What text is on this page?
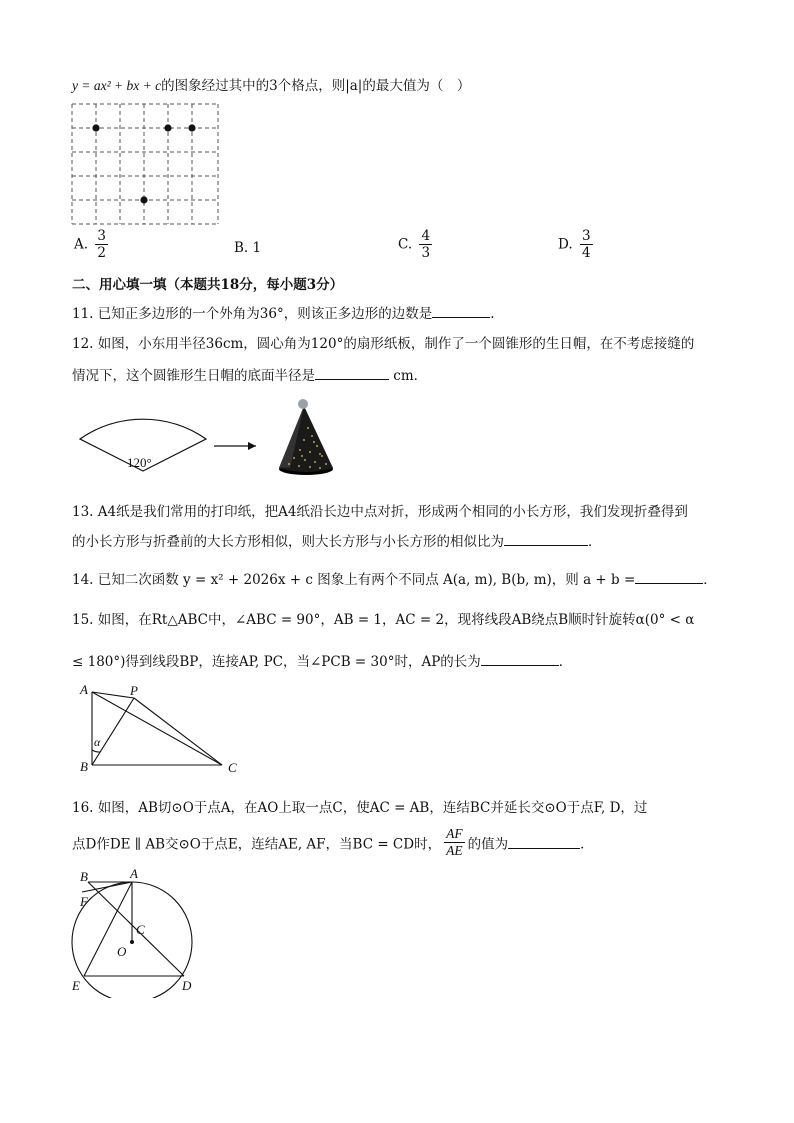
y = ax² + bx + c的图象经过其中的3个格点，则|a|的最大值为（　）
A. $\frac{3}{2}$	B. 1	C. $\frac{4}{3}$	D. $\frac{3}{4}$
二、用心填一填（本题共18分，每小题3分）
11. 已知正多边形的一个外角为36°，则该正多边形的边数是	.
12. 如图，小东用半径36cm，圆心角为120°的扇形纸板，制作了一个圆锥形的生日帽，在不考虑接缝的
情况下，这个圆锥形生日帽的底面半径是	cm．
120°
13. A4纸是我们常用的打印纸，把A4纸沿长边中点对折，形成两个相同的小长方形，我们发现折叠得到
的小长方形与折叠前的大长方形相似，则大长方形与小长方形的相似比为	．
14. 已知二次函数 y = x² + 2026x + c 图象上有两个不同点 A(a, m), B(b, m)，则 a + b =	．
15. 如图，在Rt△ABC中，∠ABC = 90°，AB = 1，AC = 2，现将线段AB绕点B顺时针旋转α(0° < α
≤ 180°)得到线段BP，连接AP, PC，当∠PCB = 30°时，AP的长为	．
A	P
B	C
α
16. 如图，AB切⊙O于点A，在AO上取一点C，使AC = AB，连结BC并延长交⊙O于点F, D，过
点D作DE ∥ AB交⊙O于点E，连结AE, AF，当BC = CD时， $\frac{AF}{AE}$ 的值为	．
B	A
F
C
O
E	D
